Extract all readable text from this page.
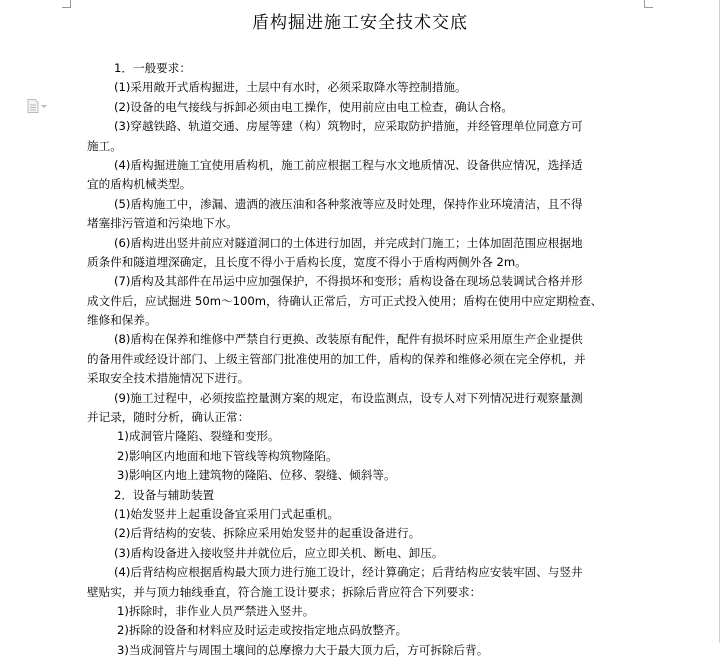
盾构掘进施工安全技术交底
1．一般要求：
(1)采用敞开式盾构掘进，土层中有水时，必须采取降水等控制措施。
(2)设备的电气接线与拆卸必须由电工操作，使用前应由电工检查，确认合格。
(3)穿越铁路、轨道交通、房屋等建（构）筑物时，应采取防护措施，并经管理单位同意方可
施工。
(4)盾构掘进施工宜使用盾构机，施工前应根据工程与水文地质情况、设备供应情况，选择适
宜的盾构机械类型。
(5)盾构施工中，渗漏、遗洒的液压油和各种浆液等应及时处理，保持作业环境清洁，且不得
堵塞排污管道和污染地下水。
(6)盾构进出竖井前应对隧道洞口的土体进行加固，并完成封门施工；土体加固范围应根据地
质条件和隧道埋深确定，且长度不得小于盾构长度，宽度不得小于盾构两侧外各 2m。
(7)盾构及其部件在吊运中应加强保护，不得损坏和变形；盾构设备在现场总装调试合格并形
成文件后，应试掘进 50m～100m，待确认正常后，方可正式投入使用；盾构在使用中应定期检查、
维修和保养。
(8)盾构在保养和维修中严禁自行更换、改装原有配件，配件有损坏时应采用原生产企业提供
的备用件或经设计部门、上级主管部门批准使用的加工件，盾构的保养和维修必须在完全停机，并
采取安全技术措施情况下进行。
(9)施工过程中，必须按监控量测方案的规定，布设监测点，设专人对下列情况进行观察量测
并记录，随时分析，确认正常：
1)成洞管片隆陷、裂缝和变形。
2)影响区内地面和地下管线等构筑物隆陷。
3)影响区内地上建筑物的隆陷、位移、裂缝、倾斜等。
2．设备与辅助装置
(1)始发竖井上起重设备宜采用门式起重机。
(2)后背结构的安装、拆除应采用始发竖井的起重设备进行。
(3)盾构设备进入接收竖井并就位后，应立即关机、断电、卸压。
(4)后背结构应根据盾构最大顶力进行施工设计，经计算确定；后背结构应安装牢固、与竖井
壁贴实，并与顶力轴线垂直，符合施工设计要求；拆除后背应符合下列要求：
1)拆除时，非作业人员严禁进入竖井。
2)拆除的设备和材料应及时运走或按指定地点码放整齐。
3)当成洞管片与周围土壤间的总摩擦力大于最大顶力后，方可拆除后背。
